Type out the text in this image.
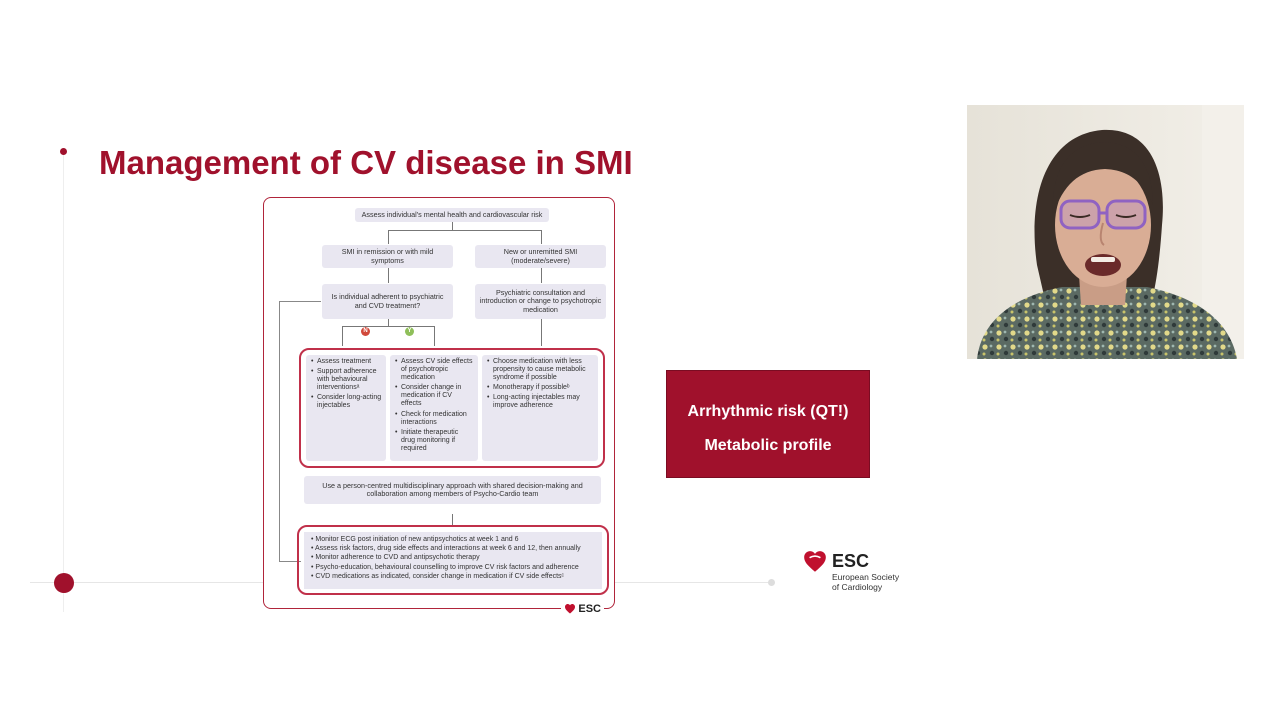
Management of CV disease in SMI
Assess individual's mental health and cardiovascular risk
SMI in remission or with mild symptoms
New or unremitted SMI (moderate/severe)
Is individual adherent to psychiatric and CVD treatment?
Psychiatric consultation and introduction or change to psychotropic medication
N	Y
• Assess treatment
• Support adherence with behavioural interventionsᵃ
• Consider long-acting injectables
• Assess CV side effects of psychotropic medication
• Consider change in medication if CV effects
• Check for medication interactions
• Initiate therapeutic drug monitoring if required
• Choose medication with less propensity to cause metabolic syndrome if possible
• Monotherapy if possibleᵇ
• Long-acting injectables may improve adherence
Use a person-centred multidisciplinary approach with shared decision-making and collaboration among members of Psycho-Cardio team
• Monitor ECG post initiation of new antipsychotics at week 1 and 6
• Assess risk factors, drug side effects and interactions at week 6 and 12, then annually
• Monitor adherence to CVD and antipsychotic therapy
• Psycho-education, behavioural counselling to improve CV risk factors and adherence
• CVD medications as indicated, consider change in medication if CV side effectsᶜ
ESC
Arrhythmic risk (QT!)
Metabolic profile
ESC
European Society
of Cardiology
